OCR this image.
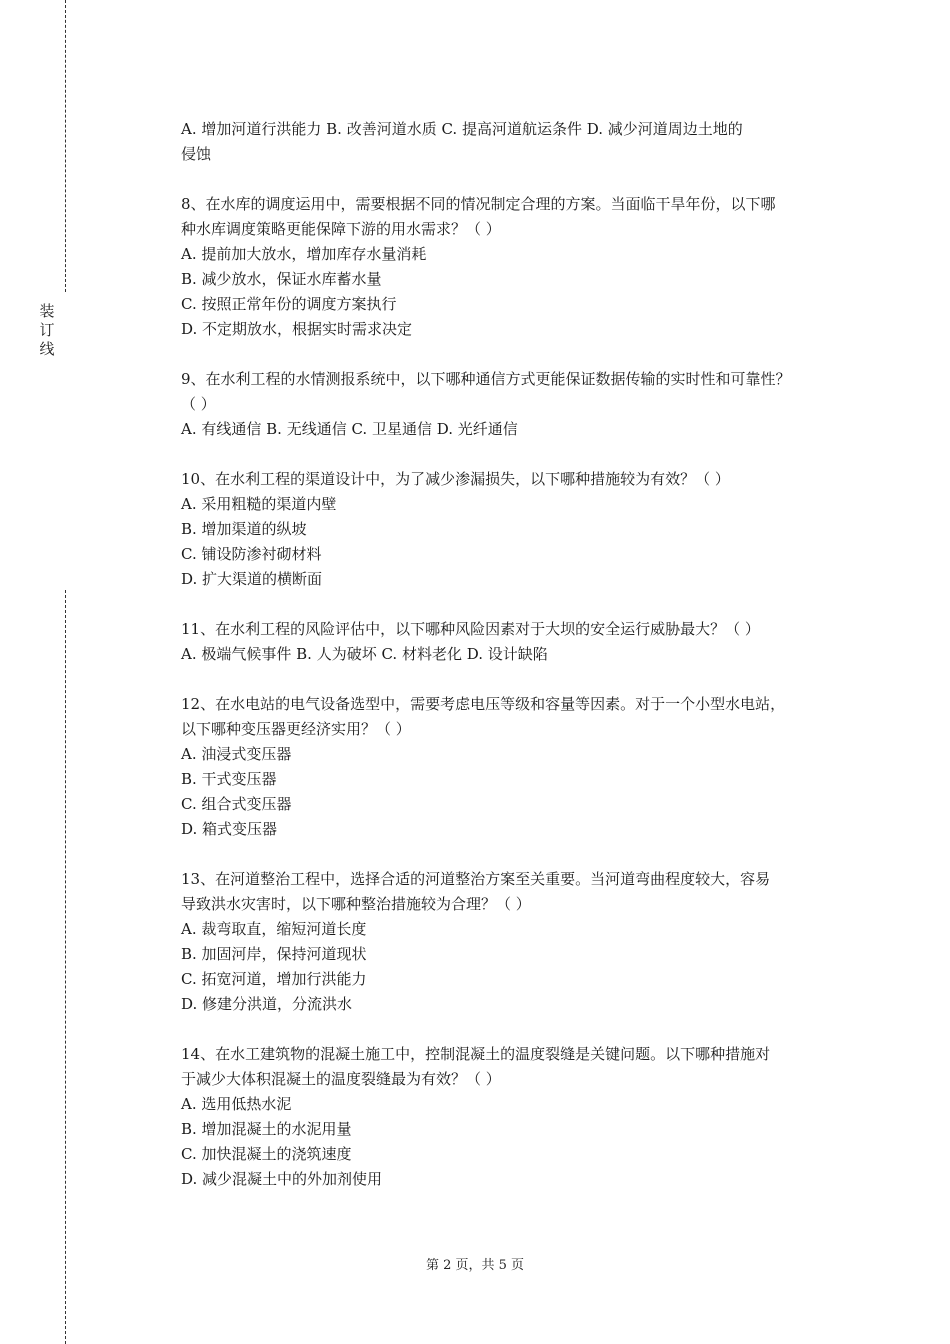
装
订
线
A. 增加河道行洪能力 B. 改善河道水质 C. 提高河道航运条件 D. 减少河道周边土地的
侵蚀
8、在水库的调度运用中，需要根据不同的情况制定合理的方案。当面临干旱年份，以下哪
种水库调度策略更能保障下游的用水需求？（ ）
A. 提前加大放水，增加库存水量消耗
B. 减少放水，保证水库蓄水量
C. 按照正常年份的调度方案执行
D. 不定期放水，根据实时需求决定
9、在水利工程的水情测报系统中，以下哪种通信方式更能保证数据传输的实时性和可靠性？
（ ）
A. 有线通信 B. 无线通信 C. 卫星通信 D. 光纤通信
10、在水利工程的渠道设计中，为了减少渗漏损失，以下哪种措施较为有效？（ ）
A. 采用粗糙的渠道内壁
B. 增加渠道的纵坡
C. 铺设防渗衬砌材料
D. 扩大渠道的横断面
11、在水利工程的风险评估中，以下哪种风险因素对于大坝的安全运行威胁最大？（ ）
A. 极端气候事件 B. 人为破坏 C. 材料老化 D. 设计缺陷
12、在水电站的电气设备选型中，需要考虑电压等级和容量等因素。对于一个小型水电站，
以下哪种变压器更经济实用？（ ）
A. 油浸式变压器
B. 干式变压器
C. 组合式变压器
D. 箱式变压器
13、在河道整治工程中，选择合适的河道整治方案至关重要。当河道弯曲程度较大，容易
导致洪水灾害时，以下哪种整治措施较为合理？（ ）
A. 裁弯取直，缩短河道长度
B. 加固河岸，保持河道现状
C. 拓宽河道，增加行洪能力
D. 修建分洪道，分流洪水
14、在水工建筑物的混凝土施工中，控制混凝土的温度裂缝是关键问题。以下哪种措施对
于减少大体积混凝土的温度裂缝最为有效？（ ）
A. 选用低热水泥
B. 增加混凝土的水泥用量
C. 加快混凝土的浇筑速度
D. 减少混凝土中的外加剂使用
第 2 页，共 5 页
